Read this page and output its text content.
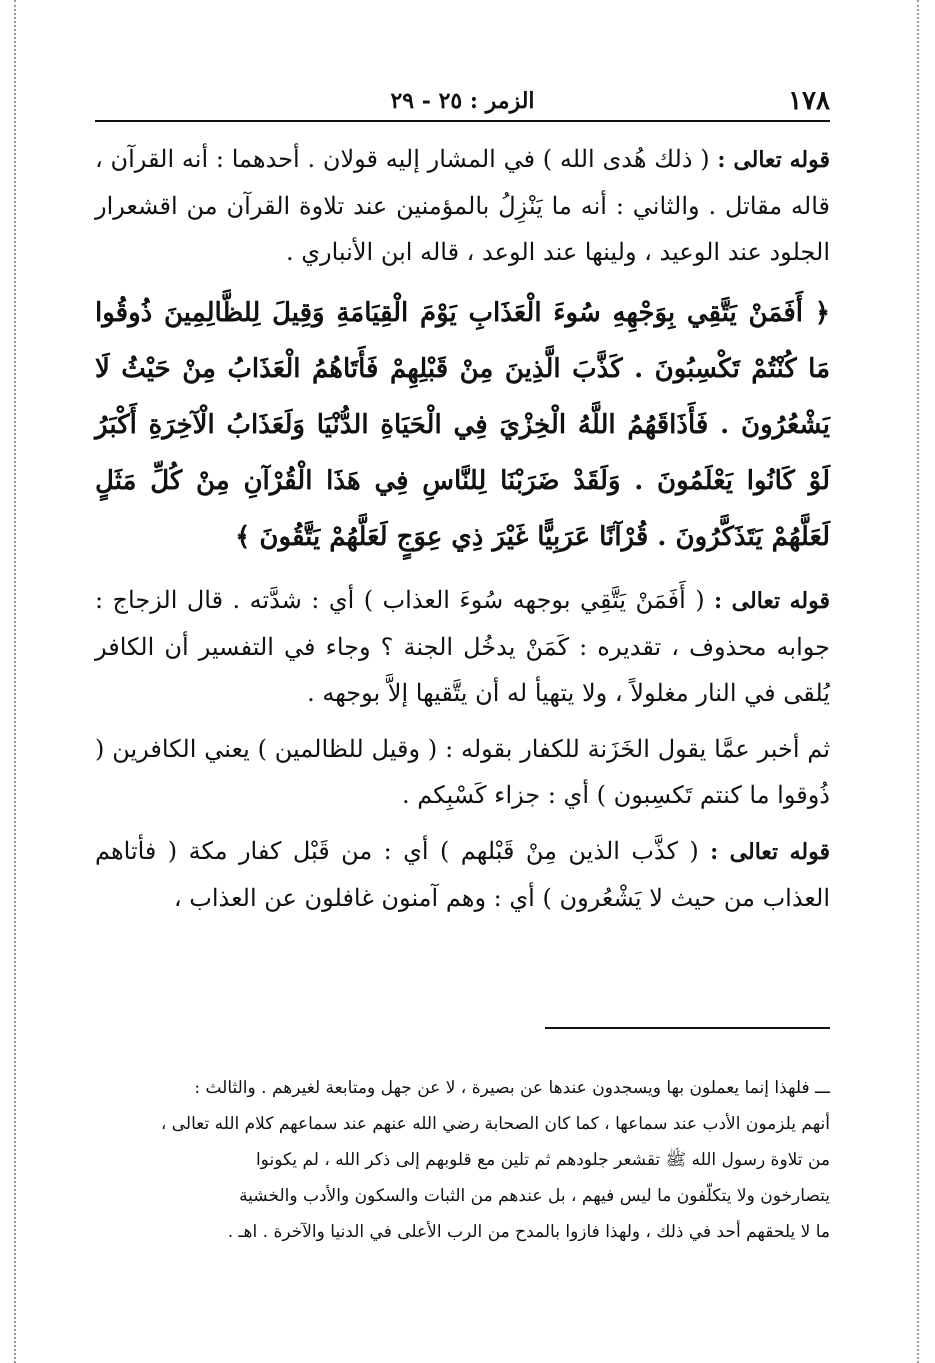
١٧٨
الزمر : ٢٥ - ٢٩

قوله تعالى : ( ذلك هُدى الله ) في المشار إليه قولان . أحدهما : أنه القرآن ، قاله مقاتل . والثاني : أنه ما يَنْزِلُ بالمؤمنين عند تلاوة القرآن من اقشعرار الجلود عند الوعيد ، ولينها عند الوعد ، قاله ابن الأنباري .

﴿ أَفَمَنْ يَتَّقِي بِوَجْهِهِ سُوءَ الْعَذَابِ يَوْمَ الْقِيَامَةِ وَقِيلَ لِلظَّالِمِينَ ذُوقُوا مَا كُنْتُمْ تَكْسِبُونَ . كَذَّبَ الَّذِينَ مِنْ قَبْلِهِمْ فَأَتَاهُمُ الْعَذَابُ مِنْ حَيْثُ لَا يَشْعُرُونَ . فَأَذَاقَهُمُ اللَّهُ الْخِزْيَ فِي الْحَيَاةِ الدُّنْيَا وَلَعَذَابُ الْآخِرَةِ أَكْبَرُ لَوْ كَانُوا يَعْلَمُونَ . وَلَقَدْ ضَرَبْنَا لِلنَّاسِ فِي هَذَا الْقُرْآنِ مِنْ كُلِّ مَثَلٍ لَعَلَّهُمْ يَتَذَكَّرُونَ . قُرْآنًا عَرَبِيًّا غَيْرَ ذِي عِوَجٍ لَعَلَّهُمْ يَتَّقُونَ ﴾

قوله تعالى : ( أَفَمَنْ يَتَّقِي بوجهه سُوءَ العذاب ) أي : شدَّته . قال الزجاج : جوابه محذوف ، تقديره : كَمَنْ يدخُل الجنة ؟ وجاء في التفسير أن الكافر يُلقى في النار مغلولاً ، ولا يتهيأ له أن يتَّقيها إلاَّ بوجهه .

ثم أخبر عمَّا يقول الخَزَنة للكفار بقوله : ( وقيل للظالمين ) يعني الكافرين ( ذُوقوا ما كنتم تَكسِبون ) أي : جزاء كَسْبِكم .

قوله تعالى : ( كذَّب الذين مِنْ قَبْلهم ) أي : من قَبْل كفار مكة ( فأتاهم العذاب من حيث لا يَشْعُرون ) أي : وهم آمنون غافلون عن العذاب ،

ـــ فلهذا إنما يعملون بها ويسجدون عندها عن بصيرة ، لا عن جهل ومتابعة لغيرهم . والثالث :

أنهم يلزمون الأدب عند سماعها ، كما كان الصحابة رضي الله عنهم عند سماعهم كلام الله تعالى ،

من تلاوة رسول الله ﷺ تقشعر جلودهم ثم تلين مع قلوبهم إلى ذكر الله ، لم يكونوا

يتصارخون ولا يتكلّفون ما ليس فيهم ، بل عندهم من الثبات والسكون والأدب والخشية

ما لا يلحقهم أحد في ذلك ، ولهذا فازوا بالمدح من الرب الأعلى في الدنيا والآخرة . اهـ .
